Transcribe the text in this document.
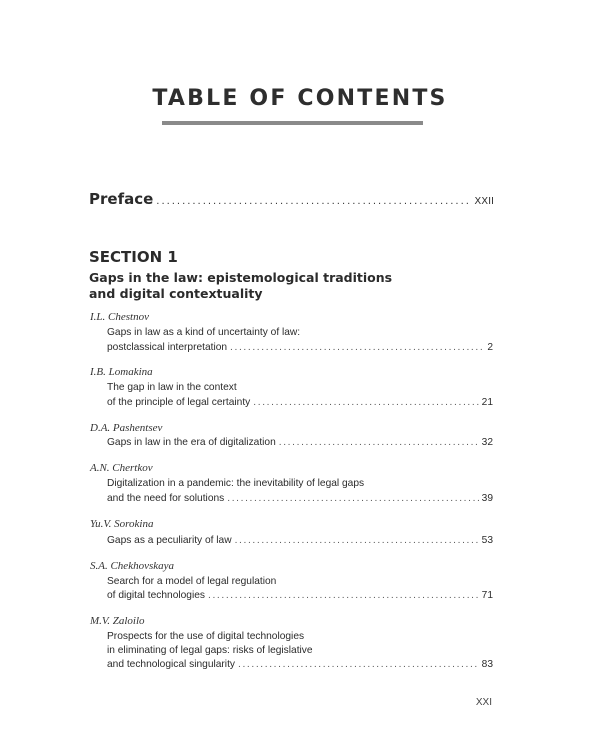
TABLE OF CONTENTS
Preface . . .	XXII
SECTION 1
Gaps in the law: epistemological traditions
and digital contextuality
I.L. Chestnov
Gaps in law as a kind of uncertainty of law:
postclassical interpretation . . .	2
I.B. Lomakina
The gap in law in the context
of the principle of legal certainty . . .	21
D.A. Pashentsev
Gaps in law in the era of digitalization . . .	32
A.N. Chertkov
Digitalization in a pandemic: the inevitability of legal gaps
and the need for solutions . . .	39
Yu.V. Sorokina
Gaps as a peculiarity of law . . .	53
S.A. Chekhovskaya
Search for a model of legal regulation
of digital technologies . . .	71
M.V. Zaloilo
Prospects for the use of digital technologies
in eliminating of legal gaps: risks of legislative
and technological singularity . . .	83
XXI
